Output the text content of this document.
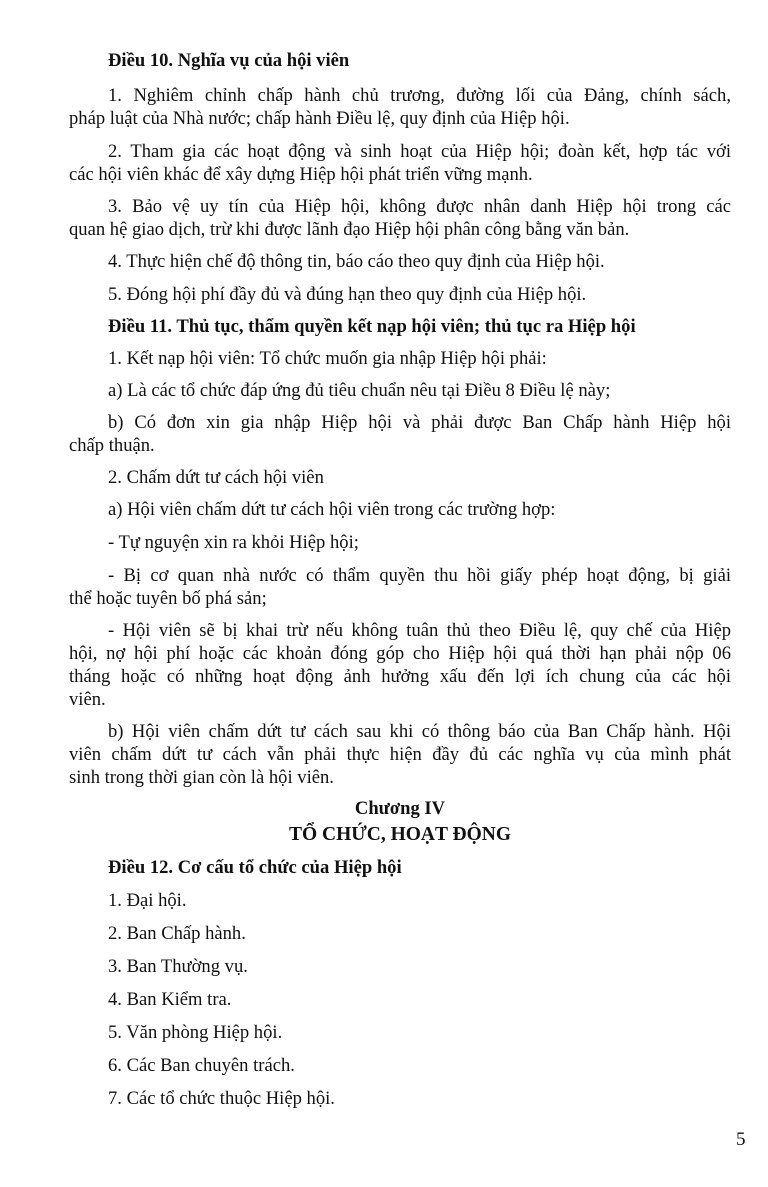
Điều 10. Nghĩa vụ của hội viên
1. Nghiêm chỉnh chấp hành chủ trương, đường lối của Đảng, chính sách,
pháp luật của Nhà nước; chấp hành Điều lệ, quy định của Hiệp hội.
2. Tham gia các hoạt động và sinh hoạt của Hiệp hội; đoàn kết, hợp tác với
các hội viên khác để xây dựng Hiệp hội phát triển vững mạnh.
3. Bảo vệ uy tín của Hiệp hội, không được nhân danh Hiệp hội trong các
quan hệ giao dịch, trừ khi được lãnh đạo Hiệp hội phân công bằng văn bản.
4. Thực hiện chế độ thông tin, báo cáo theo quy định của Hiệp hội.
5. Đóng hội phí đầy đủ và đúng hạn theo quy định của Hiệp hội.
Điều 11. Thủ tục, thẩm quyền kết nạp hội viên; thủ tục ra Hiệp hội
1. Kết nạp hội viên: Tổ chức muốn gia nhập Hiệp hội phải:
a) Là các tổ chức đáp ứng đủ tiêu chuẩn nêu tại Điều 8 Điều lệ này;
b) Có đơn xin gia nhập Hiệp hội và phải được Ban Chấp hành Hiệp hội
chấp thuận.
2. Chấm dứt tư cách hội viên
a) Hội viên chấm dứt tư cách hội viên trong các trường hợp:
- Tự nguyện xin ra khỏi Hiệp hội;
- Bị cơ quan nhà nước có thẩm quyền thu hồi giấy phép hoạt động, bị giải
thể hoặc tuyên bố phá sản;
- Hội viên sẽ bị khai trừ nếu không tuân thủ theo Điều lệ, quy chế của Hiệp
hội, nợ hội phí hoặc các khoản đóng góp cho Hiệp hội quá thời hạn phải nộp 06
tháng hoặc có những hoạt động ảnh hưởng xấu đến lợi ích chung của các hội
viên.
b) Hội viên chấm dứt tư cách sau khi có thông báo của Ban Chấp hành. Hội
viên chấm dứt tư cách vẫn phải thực hiện đầy đủ các nghĩa vụ của mình phát
sinh trong thời gian còn là hội viên.
Chương IV
TỔ CHỨC, HOẠT ĐỘNG
Điều 12. Cơ cấu tổ chức của Hiệp hội
1. Đại hội.
2. Ban Chấp hành.
3. Ban Thường vụ.
4. Ban Kiểm tra.
5. Văn phòng Hiệp hội.
6. Các Ban chuyên trách.
7. Các tổ chức thuộc Hiệp hội.
5
